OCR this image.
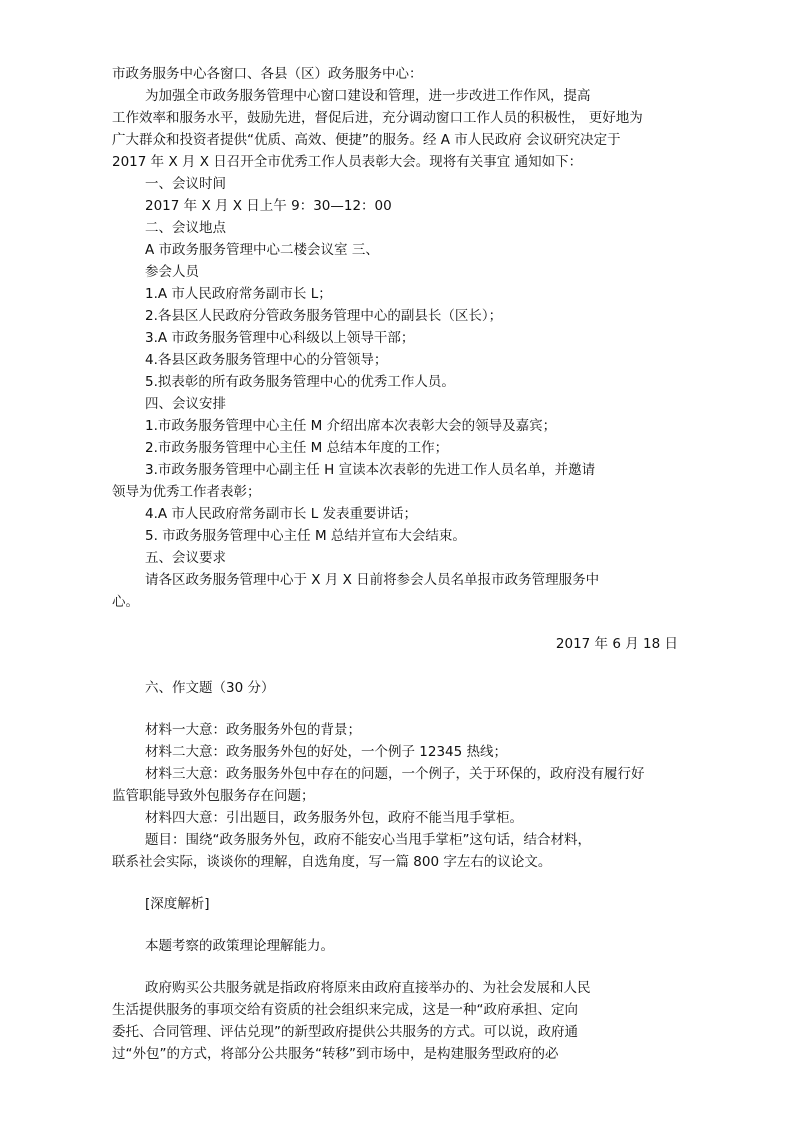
市政务服务中心各窗口、各县（区）政务服务中心：
为加强全市政务服务管理中心窗口建设和管理，进一步改进工作作风，提高
工作效率和服务水平，鼓励先进，督促后进，充分调动窗口工作人员的积极性， 更好地为
广大群众和投资者提供“优质、高效、便捷”的服务。经 A 市人民政府 会议研究决定于
2017 年 X 月 X 日召开全市优秀工作人员表彰大会。现将有关事宜 通知如下：
一、会议时间
2017 年 X 月 X 日上午 9：30—12：00
二、会议地点
A 市政务服务管理中心二楼会议室 三、
参会人员
1.A 市人民政府常务副市长 L；
2.各县区人民政府分管政务服务管理中心的副县长（区长）；
3.A 市政务服务管理中心科级以上领导干部；
4.各县区政务服务管理中心的分管领导；
5.拟表彰的所有政务服务管理中心的优秀工作人员。
四、会议安排
1.市政务服务管理中心主任 M 介绍出席本次表彰大会的领导及嘉宾；
2.市政务服务管理中心主任 M 总结本年度的工作；
3.市政务服务管理中心副主任 H 宣读本次表彰的先进工作人员名单，并邀请
领导为优秀工作者表彰；
4.A 市人民政府常务副市长 L 发表重要讲话；
5. 市政务服务管理中心主任 M 总结并宣布大会结束。
五、会议要求
请各区政务服务管理中心于 X 月 X 日前将参会人员名单报市政务管理服务中
心。
2017 年 6 月 18 日
六、作文题（30 分）
材料一大意：政务服务外包的背景；
材料二大意：政务服务外包的好处，一个例子 12345 热线；
材料三大意：政务服务外包中存在的问题，一个例子，关于环保的，政府没有履行好
监管职能导致外包服务存在问题；
材料四大意：引出题目，政务服务外包，政府不能当甩手掌柜。
题目：围绕“政务服务外包，政府不能安心当甩手掌柜”这句话，结合材料，
联系社会实际，谈谈你的理解，自选角度，写一篇 800 字左右的议论文。
[深度解析]
本题考察的政策理论理解能力。
政府购买公共服务就是指政府将原来由政府直接举办的、为社会发展和人民
生活提供服务的事项交给有资质的社会组织来完成，这是一种“政府承担、定向
委托、合同管理、评估兑现”的新型政府提供公共服务的方式。可以说，政府通
过“外包”的方式，将部分公共服务“转移”到市场中，是构建服务型政府的必
